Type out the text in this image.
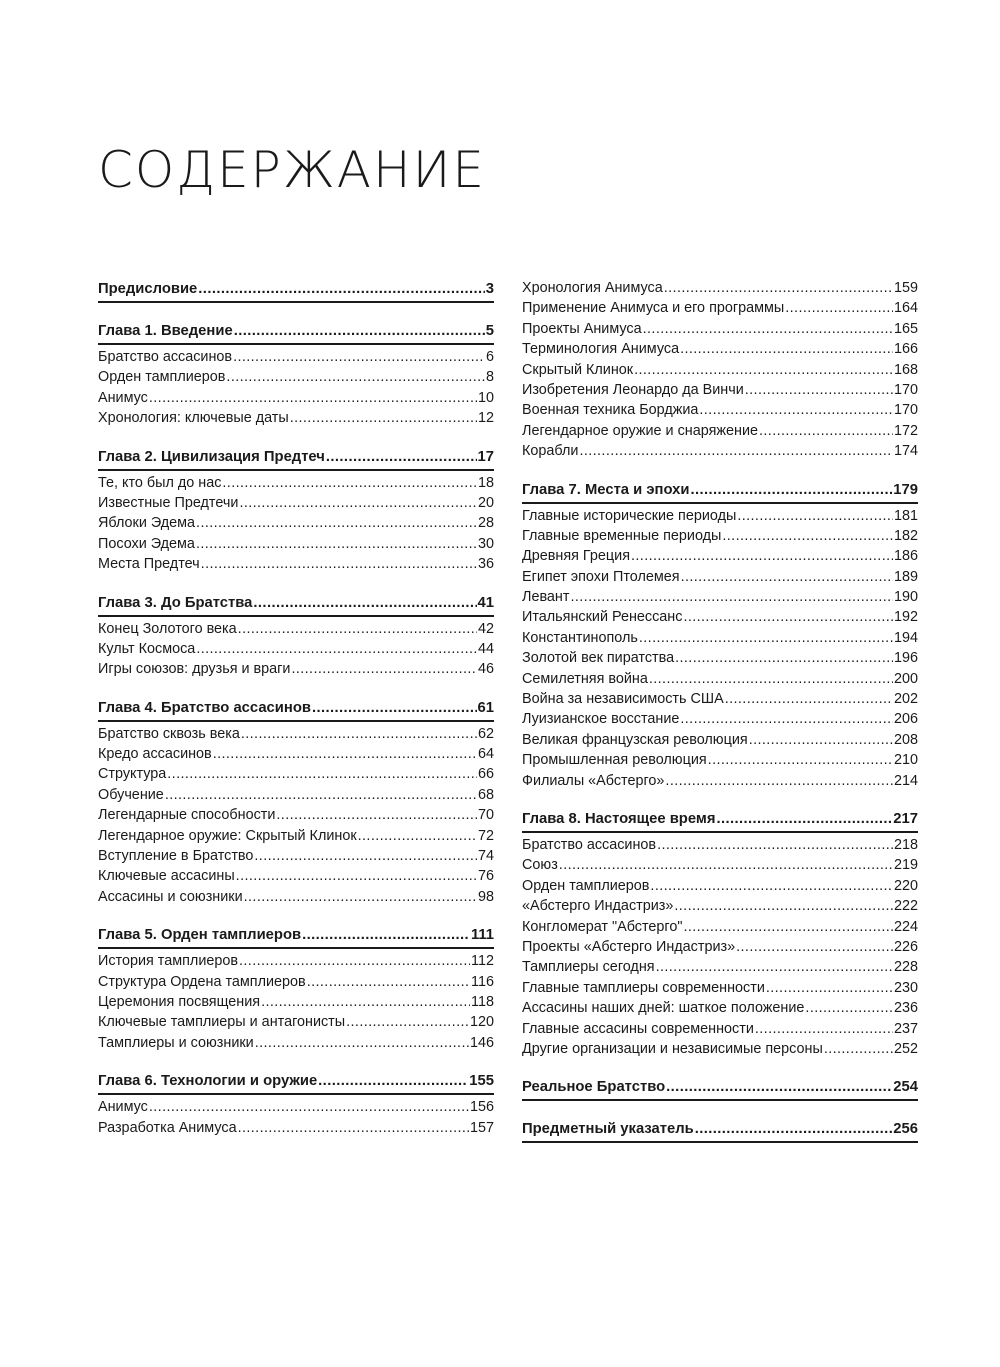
СОДЕРЖАНИЕ
Предисловие .....	3
Глава 1. Введение .....	5
Братство ассасинов .....	6
Орден тамплиеров .....	8
Анимус .....	10
Хронология: ключевые даты .....	12
Глава 2. Цивилизация Предтеч .....	17
Те, кто был до нас .....	18
Известные Предтечи .....	20
Яблоки Эдема .....	28
Посохи Эдема .....	30
Места Предтеч .....	36
Глава 3. До Братства .....	41
Конец Золотого века .....	42
Культ Космоса .....	44
Игры союзов: друзья и враги .....	46
Глава 4. Братство ассасинов .....	61
Братство сквозь века .....	62
Кредо ассасинов .....	64
Структура .....	66
Обучение .....	68
Легендарные способности .....	70
Легендарное оружие: Скрытый Клинок .....	72
Вступление в Братство .....	74
Ключевые ассасины .....	76
Ассасины и союзники .....	98
Глава 5. Орден тамплиеров .....	111
История тамплиеров .....	112
Структура Ордена тамплиеров .....	116
Церемония посвящения .....	118
Ключевые тамплиеры и антагонисты .....	120
Тамплиеры и союзники .....	146
Глава 6. Технологии и оружие .....	155
Анимус .....	156
Разработка Анимуса .....	157
Хронология Анимуса .....	159
Применение Анимуса и его программы .....	164
Проекты Анимуса .....	165
Терминология Анимуса .....	166
Скрытый Клинок .....	168
Изобретения Леонардо да Винчи .....	170
Военная техника Борджиа .....	170
Легендарное оружие и снаряжение .....	172
Корабли .....	174
Глава 7. Места и эпохи .....	179
Главные исторические периоды .....	181
Главные временные периоды .....	182
Древняя Греция .....	186
Египет эпохи Птолемея .....	189
Левант .....	190
Итальянский Ренессанс .....	192
Константинополь .....	194
Золотой век пиратства .....	196
Семилетняя война .....	200
Война за независимость США .....	202
Луизианское восстание .....	206
Великая французская революция .....	208
Промышленная революция .....	210
Филиалы «Абстерго» .....	214
Глава 8. Настоящее время .....	217
Братство ассасинов .....	218
Союз .....	219
Орден тамплиеров .....	220
«Абстерго Индастриз» .....	222
Конгломерат "Абстерго" .....	224
Проекты «Абстерго Индастриз» .....	226
Тамплиеры сегодня .....	228
Главные тамплиеры современности .....	230
Ассасины наших дней: шаткое положение .....	236
Главные ассасины современности .....	237
Другие организации и независимые персоны .....	252
Реальное Братство .....	254
Предметный указатель .....	256
